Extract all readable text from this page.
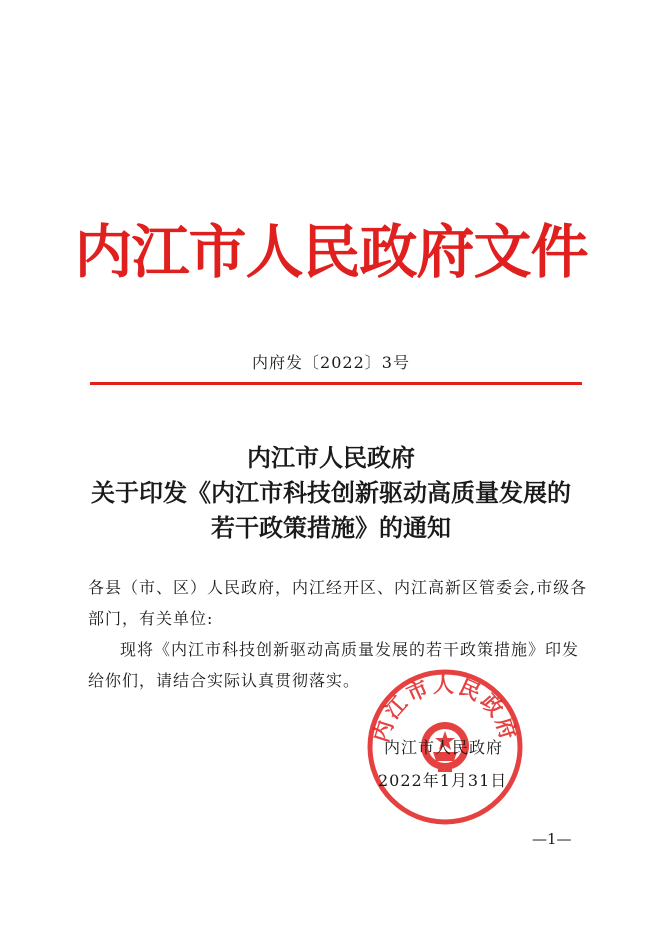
内江市人民政府文件
内府发〔2022〕3号
内江市人民政府
关于印发《内江市科技创新驱动高质量发展的
若干政策措施》的通知

各县（市、区）人民政府，内江经开区、内江高新区管委会,市级各部门，有关单位:

现将《内江市科技创新驱动高质量发展的若干政策措施》印发给你们，请结合实际认真贯彻落实。

内江市人民政府
内江市人民政府
2022年1月31日
—1—
